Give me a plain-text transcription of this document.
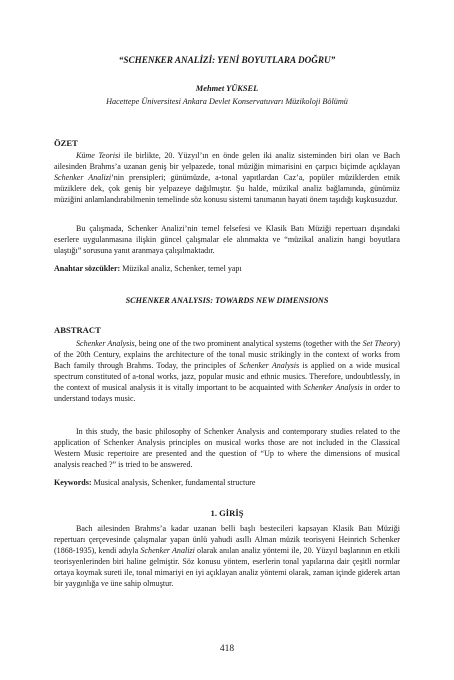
“SCHENKER ANALİZİ: YENİ BOYUTLARA DOĞRU”
Mehmet YÜKSEL
Hacettepe Üniversitesi Ankara Devlet Konservatuvarı Müzikoloji Bölümü
ÖZET

Küme Teorisi ile birlikte, 20. Yüzyıl’ın en önde gelen iki analiz sisteminden biri olan ve Bach ailesinden Brahms’a uzanan geniş bir yelpazede, tonal müziğin mimarisini en çarpıcı biçimde açıklayan Schenker Analizi’nin prensipleri; günümüzde, a-tonal yapıtlardan Caz’a, popüler müziklerden etnik müziklere dek, çok geniş bir yelpazeye dağılmıştır. Şu halde, müzikal analiz bağlamında, günümüz müziğini anlamlandırabilmenin temelinde söz konusu sistemi tanımanın hayati önem taşıdığı kuşkusuzdur.

Bu çalışmada, Schenker Analizi’nin temel felsefesi ve Klasik Batı Müziği repertuarı dışındaki eserlere uygulanmasına ilişkin güncel çalışmalar ele alınmakta ve “müzikal analizin hangi boyutlara ulaştığı” sorusuna yanıt aranmaya çalışılmaktadır.

Anahtar sözcükler: Müzikal analiz, Schenker, temel yapı

SCHENKER ANALYSIS: TOWARDS NEW DIMENSIONS
ABSTRACT

Schenker Analysis, being one of the two prominent analytical systems (together with the Set Theory) of the 20th Century, explains the architecture of the tonal music strikingly in the context of works from Bach family through Brahms. Today, the principles of Schenker Analysis is applied on a wide musical spectrum constituted of a-tonal works, jazz, popular music and ethnic musics. Therefore, undoubtlessly, in the context of musical analysis it is vitally important to be acquainted with Schenker Analysis in order to understand todays music.

In this study, the basic philosophy of Schenker Analysis and contemporary studies related to the application of Schenker Analysis principles on musical works those are not included in the Classical Western Music repertoire are presented and the question of “Up to where the dimensions of musical analysis reached ?” is tried to be answered.

Keywords: Musical analysis, Schenker, fundamental structure

1. GİRİŞ

Bach ailesinden Brahms’a kadar uzanan belli başlı bestecileri kapsayan Klasik Batı Müziği repertuarı çerçevesinde çalışmalar yapan ünlü yahudi asıllı Alman müzik teorisyeni Heinrich Schenker (1868-1935), kendi adıyla Schenker Analizi olarak anılan analiz yöntemi ile, 20. Yüzyıl başlarının en etkili teorisyenlerinden biri haline gelmiştir. Söz konusu yöntem, eserlerin tonal yapılarına dair çeşitli normlar ortaya koymak sureti ile, tonal mimariyi en iyi açıklayan analiz yöntemi olarak, zaman içinde giderek artan bir yaygınlığa ve üne sahip olmuştur.

418
